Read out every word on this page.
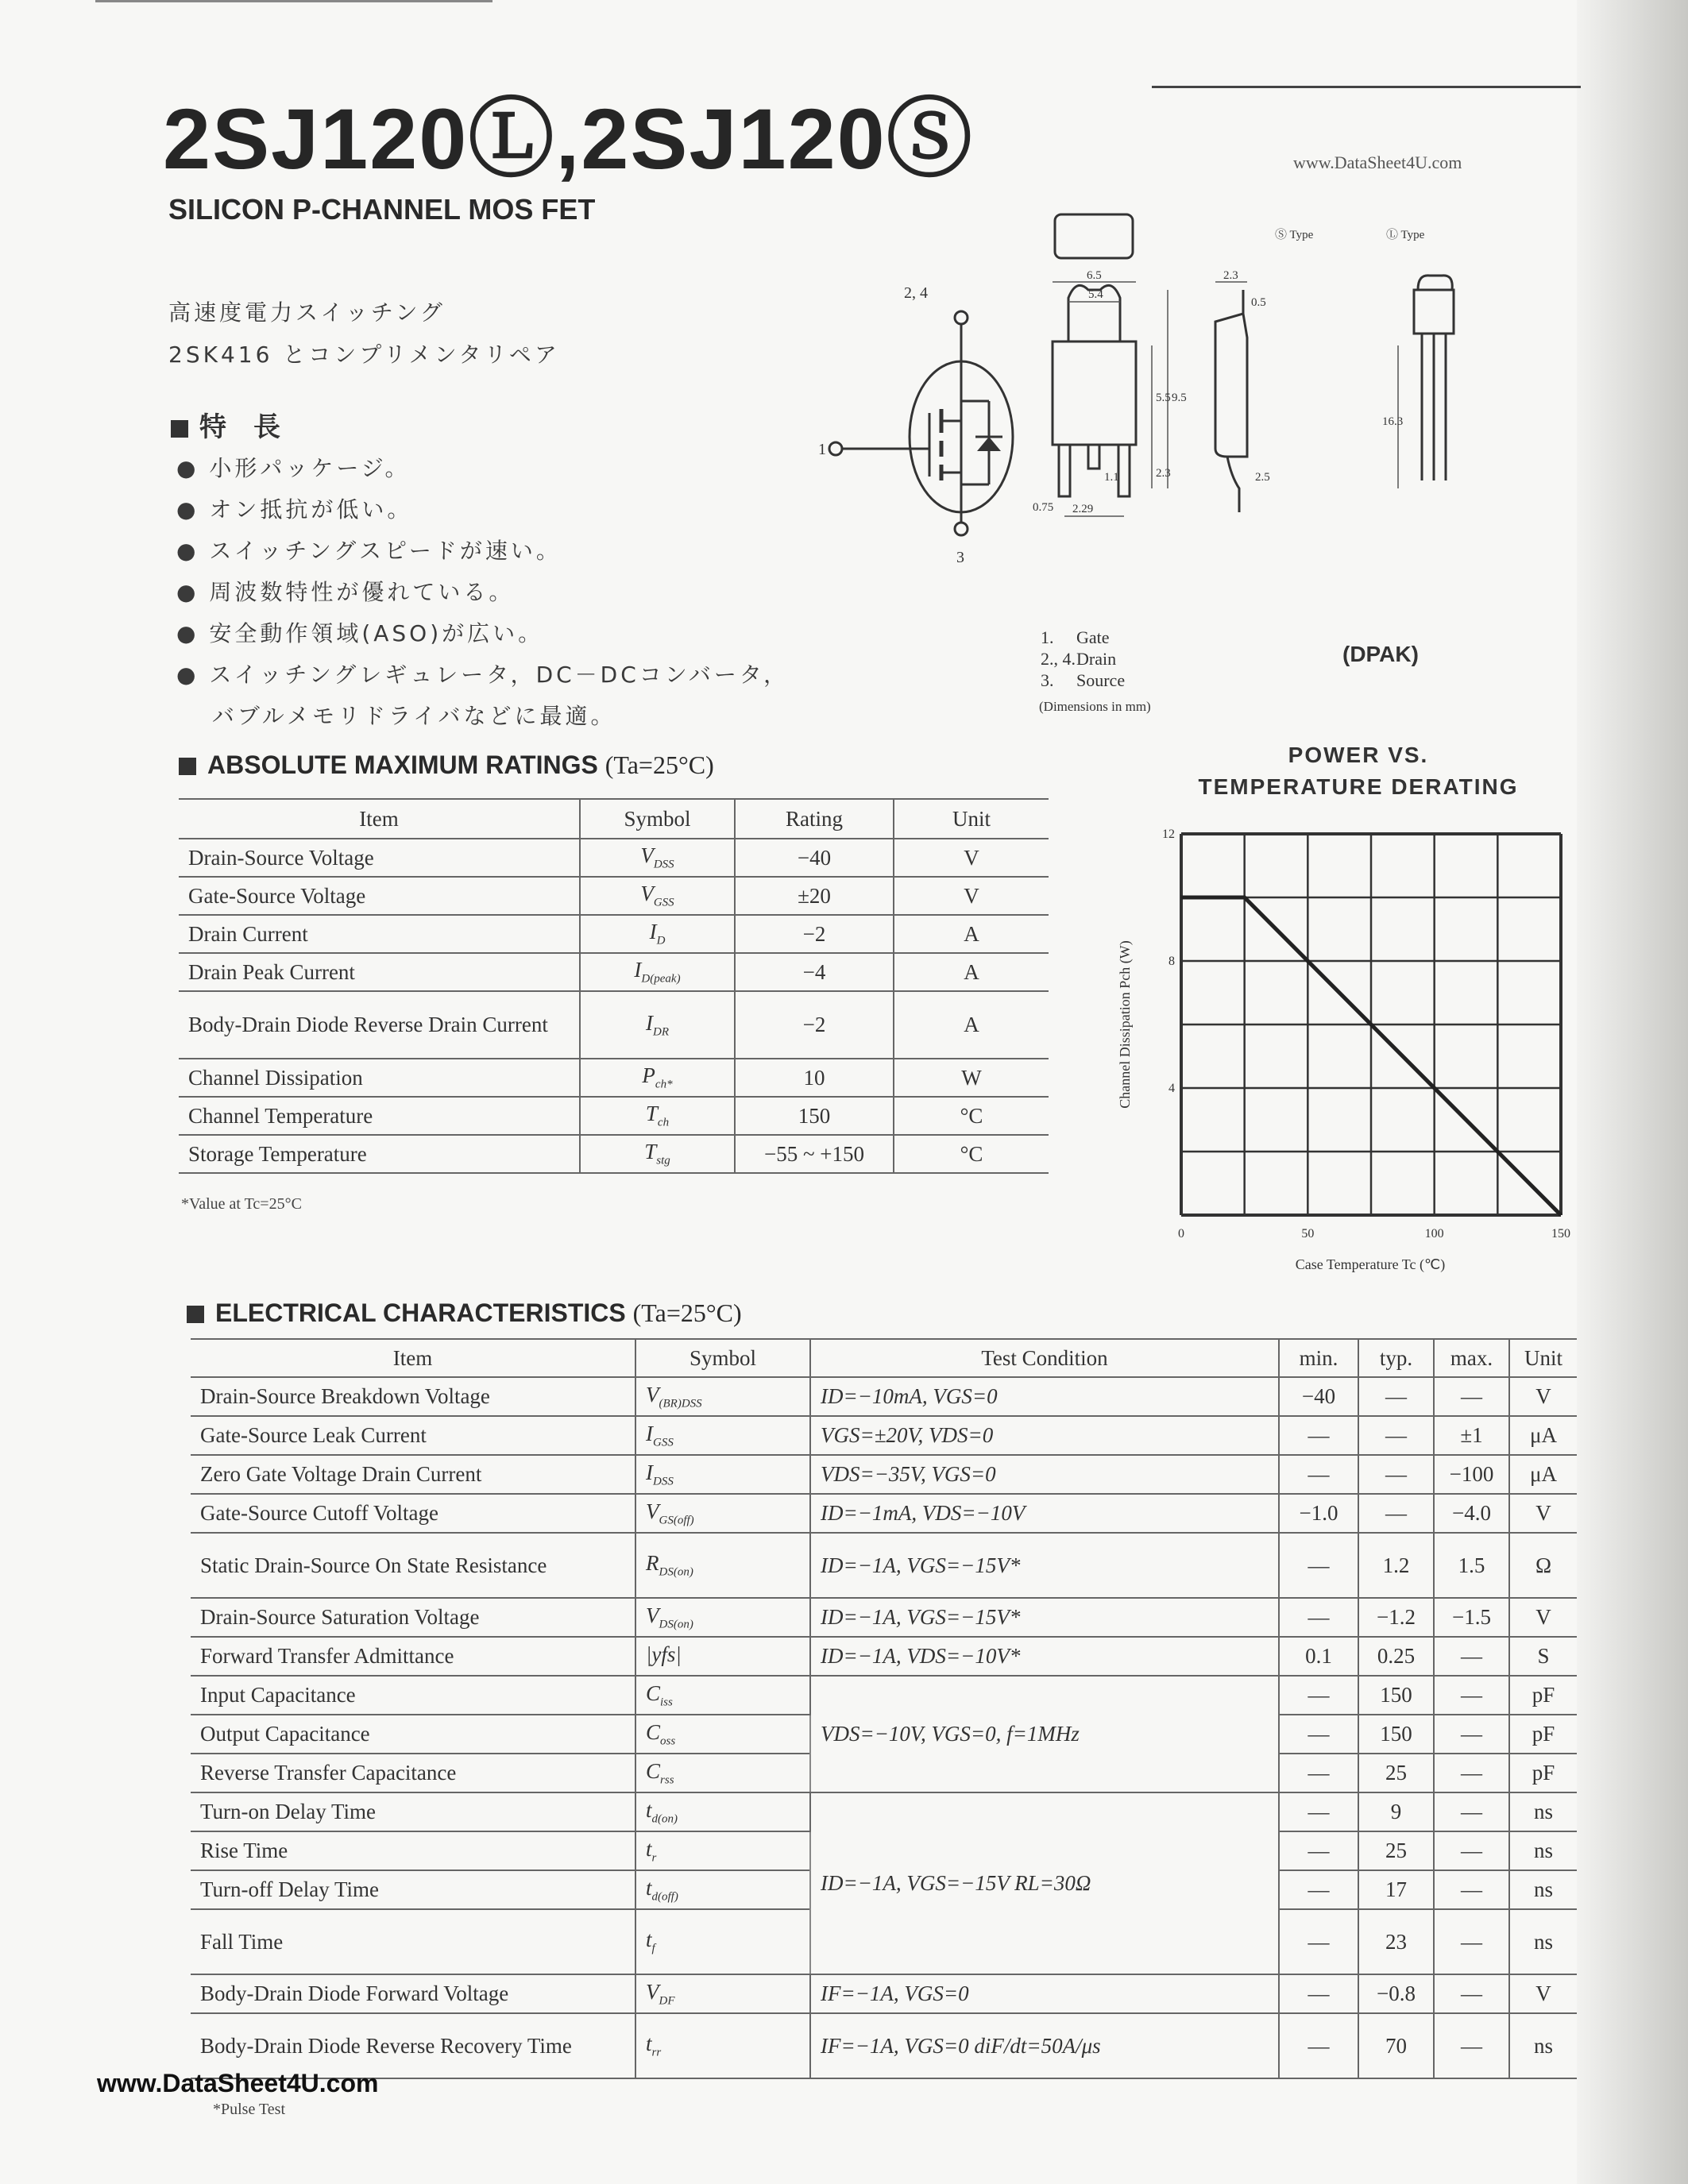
2SJ120Ⓛ,2SJ120Ⓢ	www.DataSheet4U.com
SILICON P-CHANNEL MOS FET
高速度電力スイッチング
2SK416 とコンプリメンタリペア
特　長
● 小形パッケージ。
● オン抵抗が低い。
● スイッチングスピードが速い。
● 周波数特性が優れている。
● 安全動作領域(ASO)が広い。
● スイッチングレギュレータ，DC－DCコンバータ，
　 バブルメモリドライバなどに最適。
2, 4
3
1
6.5
5.4
2.3
5.5 9.5
2.3
0.5
0.75 2.29
16.3
1.1	2.5
Ⓢ Type	Ⓛ Type
1. Gate
2., 4. Drain
3. Source
(Dimensions in mm)
(DPAK)
ABSOLUTE MAXIMUM RATINGS (Ta=25°C)
Item	Symbol	Rating	Unit
Drain-Source Voltage	$V_{DSS}$	−40	V
Gate-Source Voltage	$V_{GSS}$	±20	V
Drain Current	$I_D$	−2	A
Drain Peak Current	$I_{D(peak)}$	−4	A
Body-Drain Diode Reverse Drain Current	$I_{DR}$	−2	A
Channel Dissipation	$P_{ch*}$	10	W
Channel Temperature	$T_{ch}$	150	°C
Storage Temperature	$T_{stg}$	−55 ~ +150	°C
*Value at Tc=25°C
POWER VS.
TEMPERATURE DERATING
12
8
4
0	50	100	150
Case Temperature Tc (℃)
Channel Dissipation Pch (W)
ELECTRICAL CHARACTERISTICS (Ta=25°C)
Item	Symbol	Test Condition	min.	typ.	max.	Unit
Drain-Source Breakdown Voltage	$V_{(BR)DSS}$	ID=−10mA, VGS=0	−40	—	—	V
Gate-Source Leak Current	$I_{GSS}$	VGS=±20V, VDS=0	—	—	±1	μA
Zero Gate Voltage Drain Current	$I_{DSS}$	VDS=−35V, VGS=0	—	—	−100	μA
Gate-Source Cutoff Voltage	$V_{GS(off)}$	ID=−1mA, VDS=−10V	−1.0	—	−4.0	V
Static Drain-Source On State Resistance	$R_{DS(on)}$	ID=−1A, VGS=−15V*	—	1.2	1.5	Ω
Drain-Source Saturation Voltage	$V_{DS(on)}$	ID=−1A, VGS=−15V*	—	−1.2	−1.5	V
Forward Transfer Admittance	|yfs|	ID=−1A, VDS=−10V*	0.1	0.25	—	S
Input Capacitance	$C_{iss}$	VDS=−10V, VGS=0, f=1MHz	—	150	—	pF
Output Capacitance	$C_{oss}$		—	150	—	pF
Reverse Transfer Capacitance	$C_{rss}$		—	25	—	pF
Turn-on Delay Time	$t_{d(on)}$	ID=−1A, VGS=−15V RL=30Ω	—	9	—	ns
Rise Time	$t_r$		—	25	—	ns
Turn-off Delay Time	$t_{d(off)}$		—	17	—	ns
Fall Time	$t_f$		—	23	—	ns
Body-Drain Diode Forward Voltage	$V_{DF}$	IF=−1A, VGS=0	—	−0.8	—	V
Body-Drain Diode Reverse Recovery Time	$t_{rr}$	IF=−1A, VGS=0 diF/dt=50A/μs	—	70	—	ns
*Pulse Test
www.DataSheet4U.com
